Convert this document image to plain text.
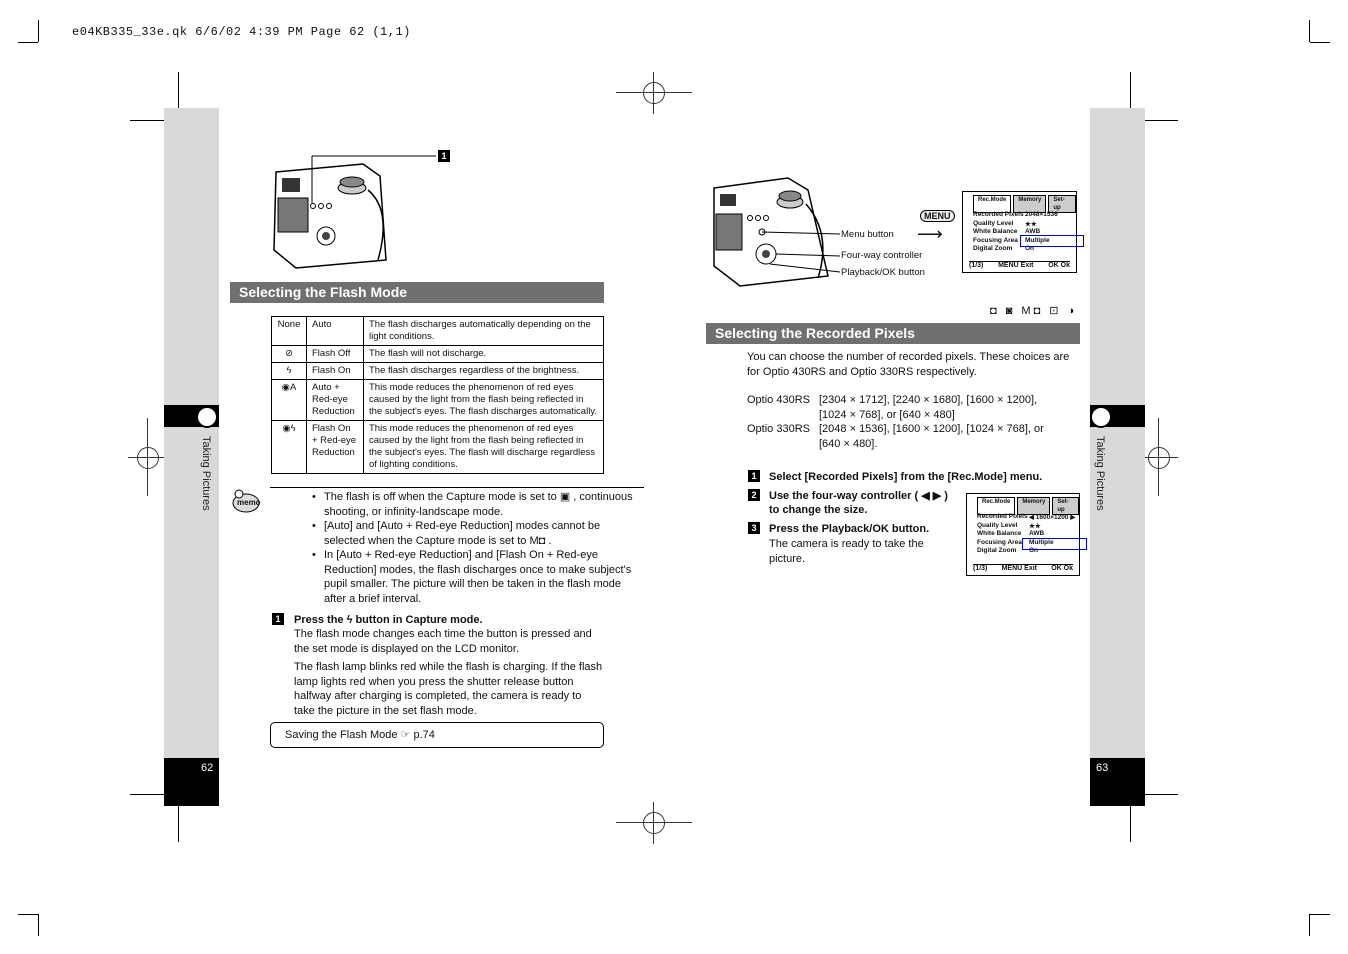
e04KB335_33e.qk 6/6/02 4:39 PM Page 62 (1,1)
Taking Pictures
62
Taking Pictures
63
1
Selecting the Flash Mode
None	Auto	The flash discharges automatically depending on the light conditions.
⊘	Flash Off	The flash will not discharge.
ϟ	Flash On	The flash discharges regardless of the brightness.
◉A	Auto + Red-eye Reduction	This mode reduces the phenomenon of red eyes caused by the light from the flash being reflected in the subject's eyes. The flash discharges automatically.
◉ϟ	Flash On + Red-eye Reduction	This mode reduces the phenomenon of red eyes caused by the light from the flash being reflected in the subject's eyes. The flash will discharge regardless of lighting conditions.
memo	• The flash is off when the Capture mode is set to ▣ , continuous shooting, or infinity-landscape mode.
• [Auto] and [Auto + Red-eye Reduction] modes cannot be selected when the Capture mode is set to M◘ .
• In [Auto + Red-eye Reduction] and [Flash On + Red-eye Reduction] modes, the flash discharges once to make subject's pupil smaller. The picture will then be taken in the flash mode after a brief interval.
1	Press the ϟ button in Capture mode.
The flash mode changes each time the button is pressed and the set mode is displayed on the LCD monitor.
The flash lamp blinks red while the flash is charging. If the flash lamp lights red when you press the shutter release button halfway after charging is completed, the camera is ready to take the picture in the set flash mode.
Saving the Flash Mode ☞ p.74
Menu button
Four-way controller
Playback/OK button
MENU
⟶
Rec.Mode	Memory	Set-up
Recorded Pixels 2048×1536
Quality Level	★★
White Balance	AWB
Focusing Area	Multiple
Digital Zoom	On
(1/3) MENU Exit OK Ok
◘ ◙ M◘ ⊡ ◑
Selecting the Recorded Pixels
You can choose the number of recorded pixels. These choices are for Optio 430RS and Optio 330RS respectively.
Optio 430RS [2304 × 1712], [2240 × 1680], [1600 × 1200], [1024 × 768], or [640 × 480]
Optio 330RS [2048 × 1536], [1600 × 1200], [1024 × 768], or [640 × 480].
1	Select [Recorded Pixels] from the [Rec.Mode] menu.
2	Use the four-way controller ( ◀ ▶ ) to change the size.
3	Press the Playback/OK button.
The camera is ready to take the picture.
Rec.Mode	Memory	Set-up
Recorded Pixels ◀ 1600×1200 ▶
Quality Level	★★
White Balance	AWB
Focusing Area	Multiple
Digital Zoom	On
(1/3) MENU Exit OK Ok
